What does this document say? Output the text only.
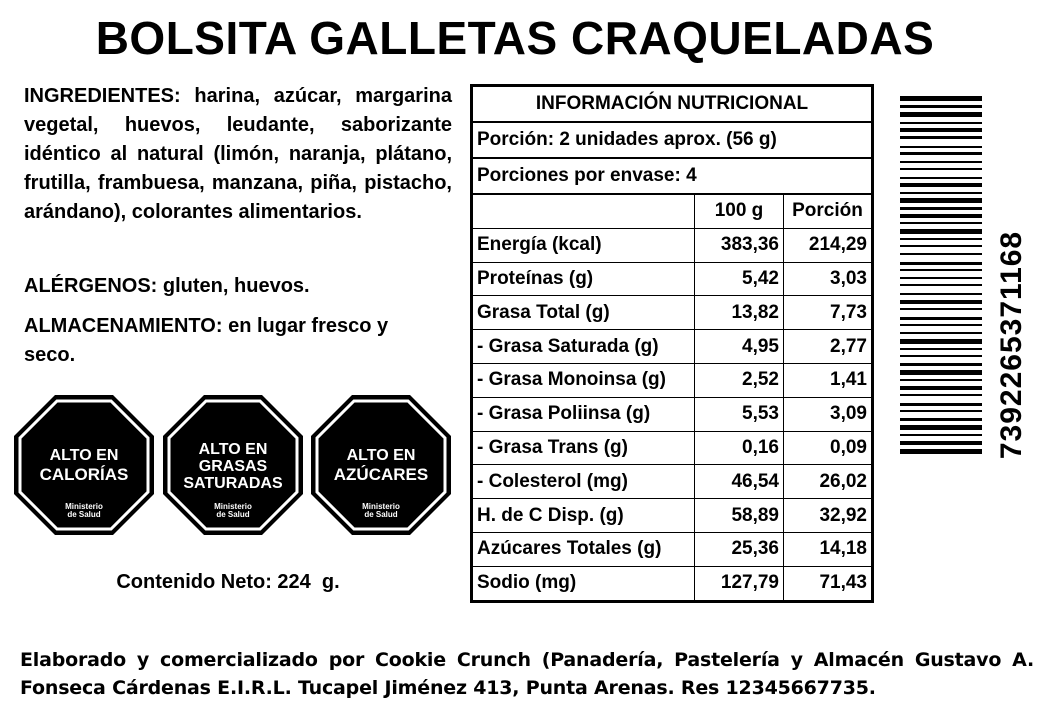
BOLSITA GALLETAS CRAQUELADAS
INGREDIENTES: harina, azúcar, margarina vegetal, huevos, leudante, saborizante idéntico al natural (limón, naranja, plátano, frutilla, frambuesa, manzana, piña, pistacho, arándano), colorantes alimentarios.
ALÉRGENOS: gluten, huevos.
ALMACENAMIENTO: en lugar fresco y seco.
ALTO EN
CALORÍAS
Ministerio
de Salud
ALTO EN
GRASAS
SATURADAS
Ministerio
de Salud
ALTO EN
AZÚCARES
Ministerio
de Salud
Contenido Neto: 224  g.
INFORMACIÓN NUTRICIONAL
Porción: 2 unidades aprox. (56 g)
Porciones por envase: 4
	100 g	Porción
Energía (kcal)	383,36	214,29
Proteínas (g)	5,42	3,03
Grasa Total (g)	13,82	7,73
- Grasa Saturada (g)	4,95	2,77
- Grasa Monoinsa (g)	2,52	1,41
- Grasa Poliinsa (g)	5,53	3,09
- Grasa Trans (g)	0,16	0,09
- Colesterol (mg)	46,54	26,02
H. de C Disp. (g)	58,89	32,92
Azúcares Totales (g)	25,36	14,18
Sodio (mg)	127,79	71,43
7392265371168
Elaborado y comercializado por Cookie Crunch (Panadería, Pastelería y Almacén Gustavo A. Fonseca Cárdenas E.I.R.L. Tucapel Jiménez 413, Punta Arenas. Res 12345667735.
